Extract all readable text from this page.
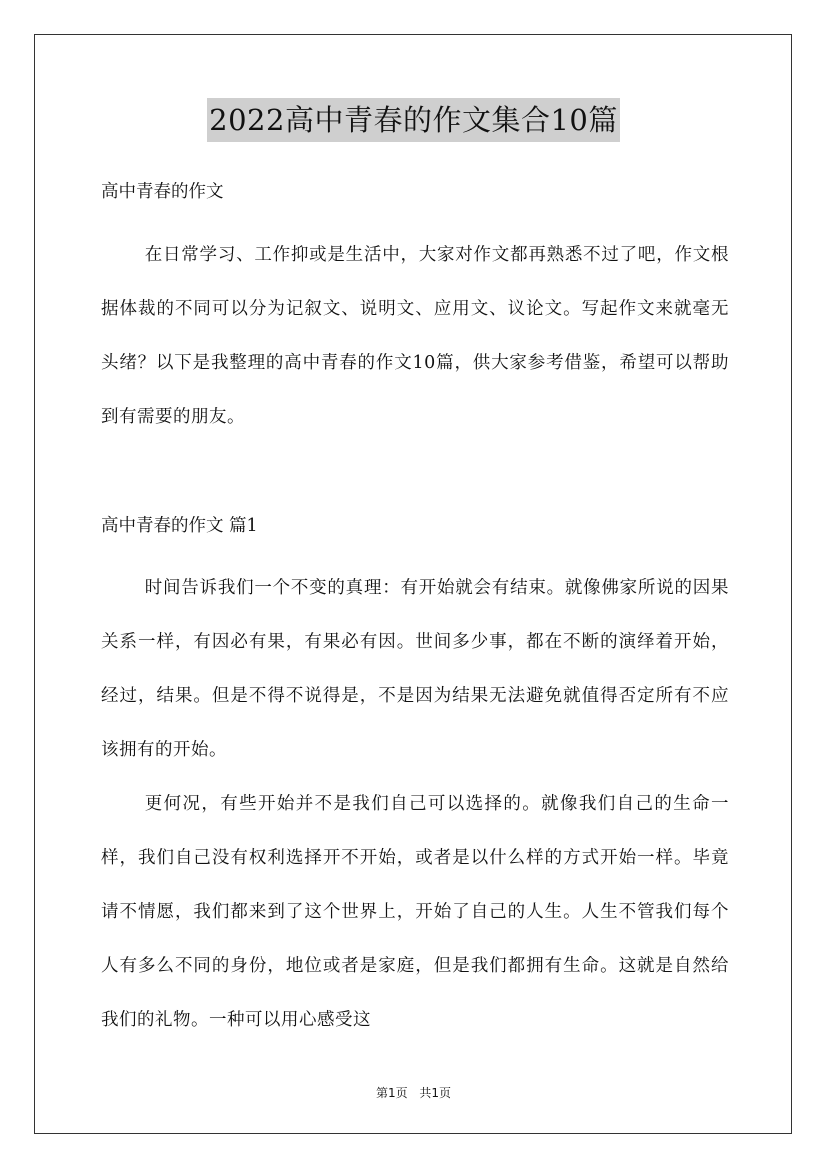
2022高中青春的作文集合10篇

高中青春的作文

在日常学习、工作抑或是生活中，大家对作文都再熟悉不过了吧，作文根据体裁的不同可以分为记叙文、说明文、应用文、议论文。写起作文来就毫无头绪？以下是我整理的高中青春的作文10篇，供大家参考借鉴，希望可以帮助到有需要的朋友。

高中青春的作文 篇1

时间告诉我们一个不变的真理：有开始就会有结束。就像佛家所说的因果关系一样，有因必有果，有果必有因。世间多少事，都在不断的演绎着开始，经过，结果。但是不得不说得是，不是因为结果无法避免就值得否定所有不应该拥有的开始。

更何况，有些开始并不是我们自己可以选择的。就像我们自己的生命一样，我们自己没有权利选择开不开始，或者是以什么样的方式开始一样。毕竟请不情愿，我们都来到了这个世界上，开始了自己的人生。人生不管我们每个人有多么不同的身份，地位或者是家庭，但是我们都拥有生命。这就是自然给我们的礼物。一种可以用心感受这

第1页 共1页
